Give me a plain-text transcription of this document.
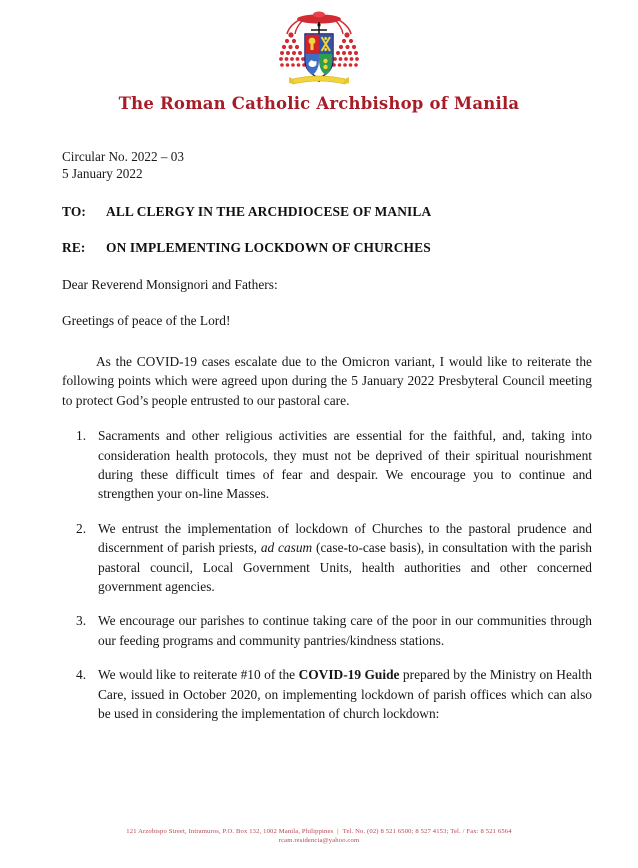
The Roman Catholic Archbishop of Manila
Circular No. 2022 – 03
5 January 2022
TO:	ALL CLERGY IN THE ARCHDIOCESE OF MANILA
RE:	ON IMPLEMENTING LOCKDOWN OF CHURCHES
Dear Reverend Monsignori and Fathers:
Greetings of peace of the Lord!

As the COVID-19 cases escalate due to the Omicron variant, I would like to reiterate the following points which were agreed upon during the 5 January 2022 Presbyteral Council meeting to protect God’s people entrusted to our pastoral care.

Sacraments and other religious activities are essential for the faithful, and, taking into consideration health protocols, they must not be deprived of their spiritual nourishment during these difficult times of fear and despair. We encourage you to continue and strengthen your on-line Masses.
We entrust the implementation of lockdown of Churches to the pastoral prudence and discernment of parish priests, ad casum (case-to-case basis), in consultation with the parish pastoral council, Local Government Units, health authorities and other concerned government agencies.
We encourage our parishes to continue taking care of the poor in our communities through our feeding programs and community pantries/kindness stations.
We would like to reiterate #10 of the COVID-19 Guide prepared by the Ministry on Health Care, issued in October 2020, on implementing lockdown of parish offices which can also be used in considering the implementation of church lockdown:
121 Arzobispo Street, Intramuros, P.O. Box 132, 1002 Manila, Philippines | Tel. No. (02) 8 521 6500; 8 527 4153; Tel. / Fax: 8 521 6564
rcam.residencia@yahoo.com
